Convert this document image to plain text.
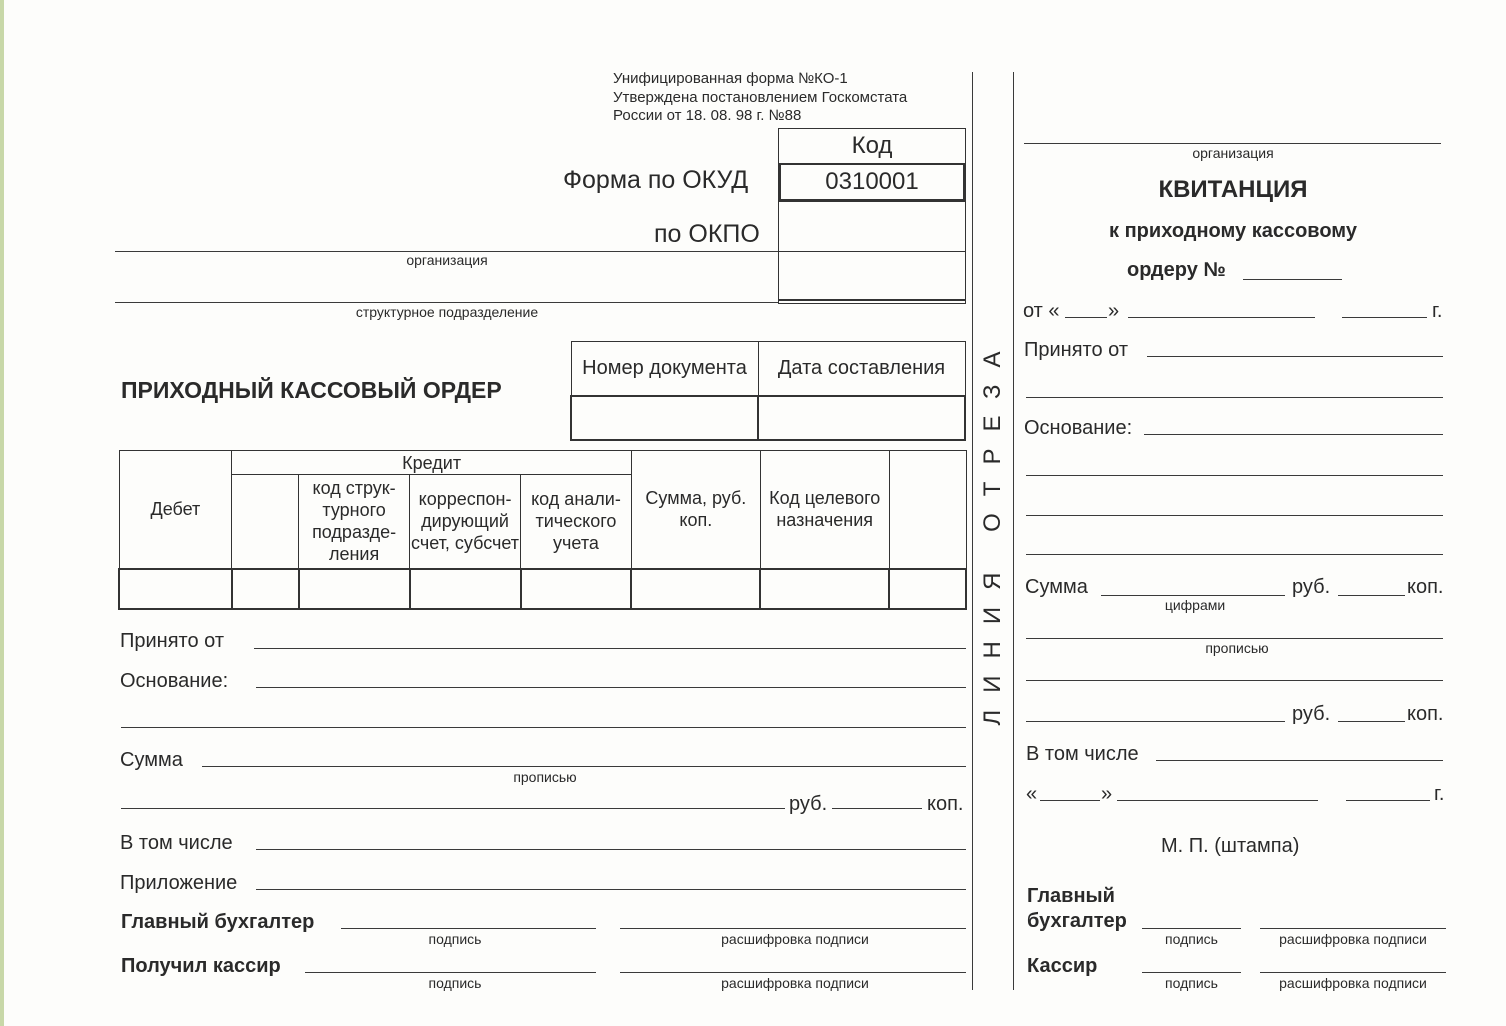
Унифицированная форма №КО-1
Утверждена постановлением Госкомстата
России от 18. 08. 98 г. №88
Код
0310001
Форма по ОКУД
по ОКПО
организация
структурное подразделение
ПРИХОДНЫЙ КАССОВЫЙ ОРДЕР
Номер документа	Дата составления

Дебет	Кредит				Сумма, руб. коп.	Код целевого назначения	
		код струк-турного подразде-ления	корреспон-дирующий счет, субсчет	код анали-тического учета			

Принято от
Основание:
Сумма
прописью
руб.	коп.
В том числе
Приложение
Главный бухгалтер
подпись	расшифровка подписи
Получил кассир
подпись	расшифровка подписи
ЛИНИЯ ОТРЕЗА
организация
КВИТАНЦИЯ
к приходному кассовому
ордеру №
от « »	г.
Принято от
Основание:
Сумма
цифрами
руб.	коп.
прописью
руб.	коп.
В том числе
«	»	г.
М. П. (штампа)
Главный
бухгалтер
подпись	расшифровка подписи
Кассир
подпись	расшифровка подписи
